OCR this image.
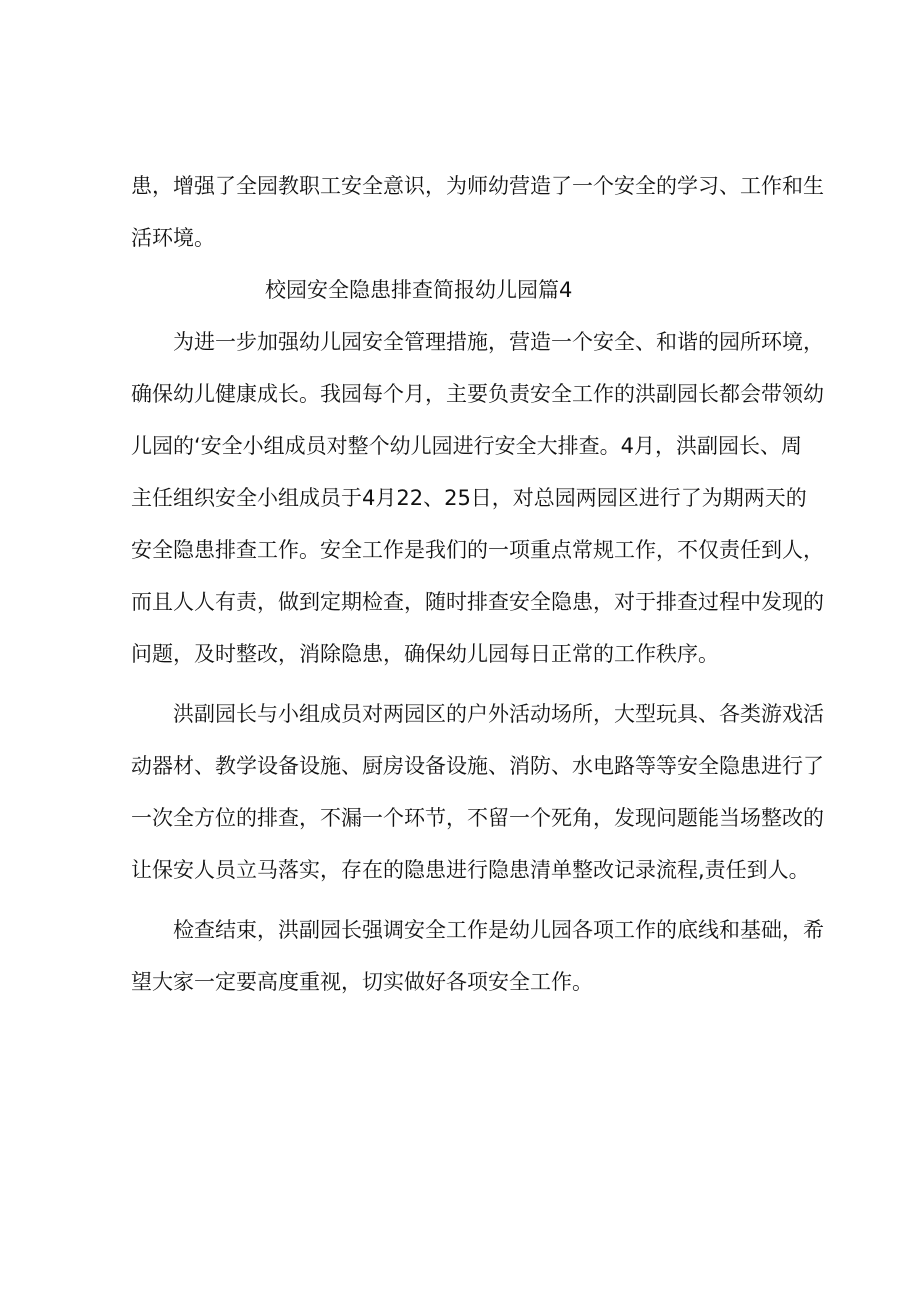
患，增强了全园教职工安全意识，为师幼营造了一个安全的学习、工作和生
活环境。
校园安全隐患排查简报幼儿园篇4
为进一步加强幼儿园安全管理措施，营造一个安全、和谐的园所环境，
确保幼儿健康成长。我园每个月，主要负责安全工作的洪副园长都会带领幼
儿园的‘安全小组成员对整个幼儿园进行安全大排查。4月，洪副园长、周
主任组织安全小组成员于4月22、25日，对总园两园区进行了为期两天的
安全隐患排查工作。安全工作是我们的一项重点常规工作，不仅责任到人，
而且人人有责，做到定期检查，随时排查安全隐患，对于排查过程中发现的
问题，及时整改，消除隐患，确保幼儿园每日正常的工作秩序。
洪副园长与小组成员对两园区的户外活动场所，大型玩具、各类游戏活
动器材、教学设备设施、厨房设备设施、消防、水电路等等安全隐患进行了
一次全方位的排查，不漏一个环节，不留一个死角，发现问题能当场整改的
让保安人员立马落实，存在的隐患进行隐患清单整改记录流程,责任到人。
检查结束，洪副园长强调安全工作是幼儿园各项工作的底线和基础，希
望大家一定要高度重视，切实做好各项安全工作。
